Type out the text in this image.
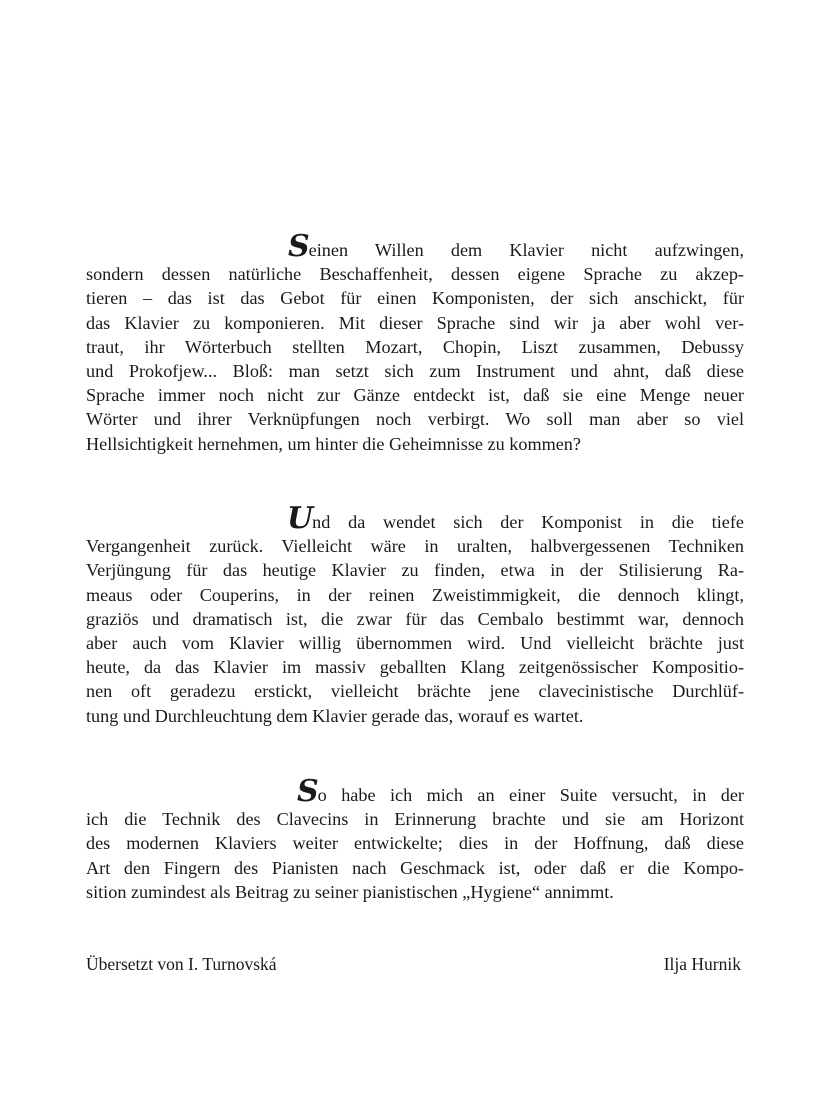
Seinen Willen dem Klavier nicht aufzwingen,
sondern dessen natürliche Beschaffenheit, dessen eigene Sprache zu akzep-
tieren – das ist das Gebot für einen Komponisten, der sich anschickt, für
das Klavier zu komponieren. Mit dieser Sprache sind wir ja aber wohl ver-
traut, ihr Wörterbuch stellten Mozart, Chopin, Liszt zusammen, Debussy
und Prokofjew... Bloß: man setzt sich zum Instrument und ahnt, daß diese
Sprache immer noch nicht zur Gänze entdeckt ist, daß sie eine Menge neuer
Wörter und ihrer Verknüpfungen noch verbirgt. Wo soll man aber so viel
Hellsichtigkeit hernehmen, um hinter die Geheimnisse zu kommen?
Und da wendet sich der Komponist in die tiefe
Vergangenheit zurück. Vielleicht wäre in uralten, halbvergessenen Techniken
Verjüngung für das heutige Klavier zu finden, etwa in der Stilisierung Ra-
meaus oder Couperins, in der reinen Zweistimmigkeit, die dennoch klingt,
graziös und dramatisch ist, die zwar für das Cembalo bestimmt war, dennoch
aber auch vom Klavier willig übernommen wird. Und vielleicht brächte just
heute, da das Klavier im massiv geballten Klang zeitgenössischer Kompositio-
nen oft geradezu erstickt, vielleicht brächte jene clavecinistische Durchlüf-
tung und Durchleuchtung dem Klavier gerade das, worauf es wartet.
So habe ich mich an einer Suite versucht, in der
ich die Technik des Clavecins in Erinnerung brachte und sie am Horizont
des modernen Klaviers weiter entwickelte; dies in der Hoffnung, daß diese
Art den Fingern des Pianisten nach Geschmack ist, oder daß er die Kompo-
sition zumindest als Beitrag zu seiner pianistischen „Hygiene“ annimmt.
Übersetzt von I. Turnovská	Ilja Hurnik
